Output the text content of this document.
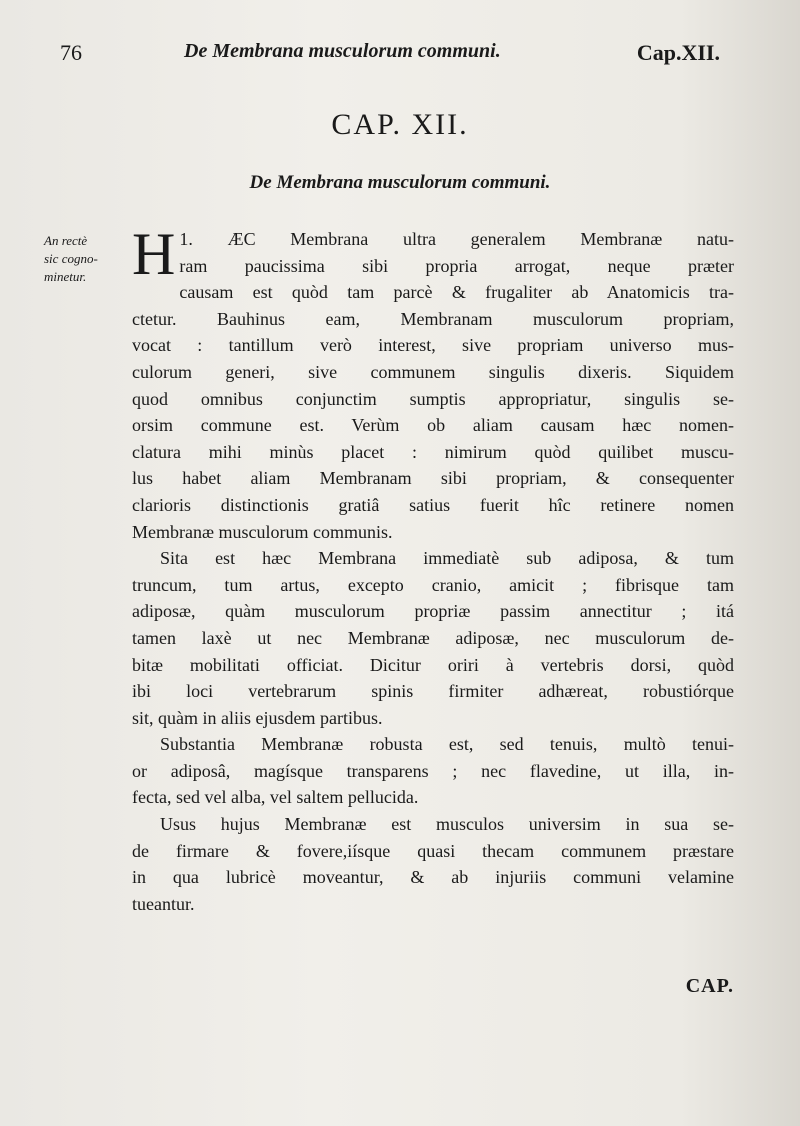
76	De Membrana musculorum communi.	Cap.XII.
CAP. XII.
De Membrana musculorum communi.
An rectè
sic cogno-
minetur.
1.
H	ÆC Membrana ultra generalem Membranæ natu-
ram paucissima sibi propria arrogat, neque præter
causam est quòd tam parcè & frugaliter ab Anatomicis tra-
ctetur. Bauhinus eam, Membranam musculorum propriam,
vocat : tantillum verò interest, sive propriam universo mus-
culorum generi, sive communem singulis dixeris. Siquidem
quod omnibus conjunctim sumptis appropriatur, singulis se-
orsim commune est. Verùm ob aliam causam hæc nomen-
clatura mihi minùs placet : nimirum quòd quilibet muscu-
lus habet aliam Membranam sibi propriam, & consequenter
clarioris distinctionis gratiâ satius fuerit hîc retinere nomen
Membranæ musculorum communis.
Sita est hæc Membrana immediatè sub adiposa, & tum
truncum, tum artus, excepto cranio, amicit ; fibrisque tam
adiposæ, quàm musculorum propriæ passim annectitur ; itá
tamen laxè ut nec Membranæ adiposæ, nec musculorum de-
bitæ mobilitati officiat. Dicitur oriri à vertebris dorsi, quòd
ibi loci vertebrarum spinis firmiter adhæreat, robustiórque
sit, quàm in aliis ejusdem partibus.
Substantia Membranæ robusta est, sed tenuis, multò tenui-
or adiposâ, magísque transparens ; nec flavedine, ut illa, in-
fecta, sed vel alba, vel saltem pellucida.
Usus hujus Membranæ est musculos universim in sua se-
de firmare & fovere,iísque quasi thecam communem præstare
in qua lubricè moveantur, & ab injuriis communi velamine
tueantur.
CAP.
